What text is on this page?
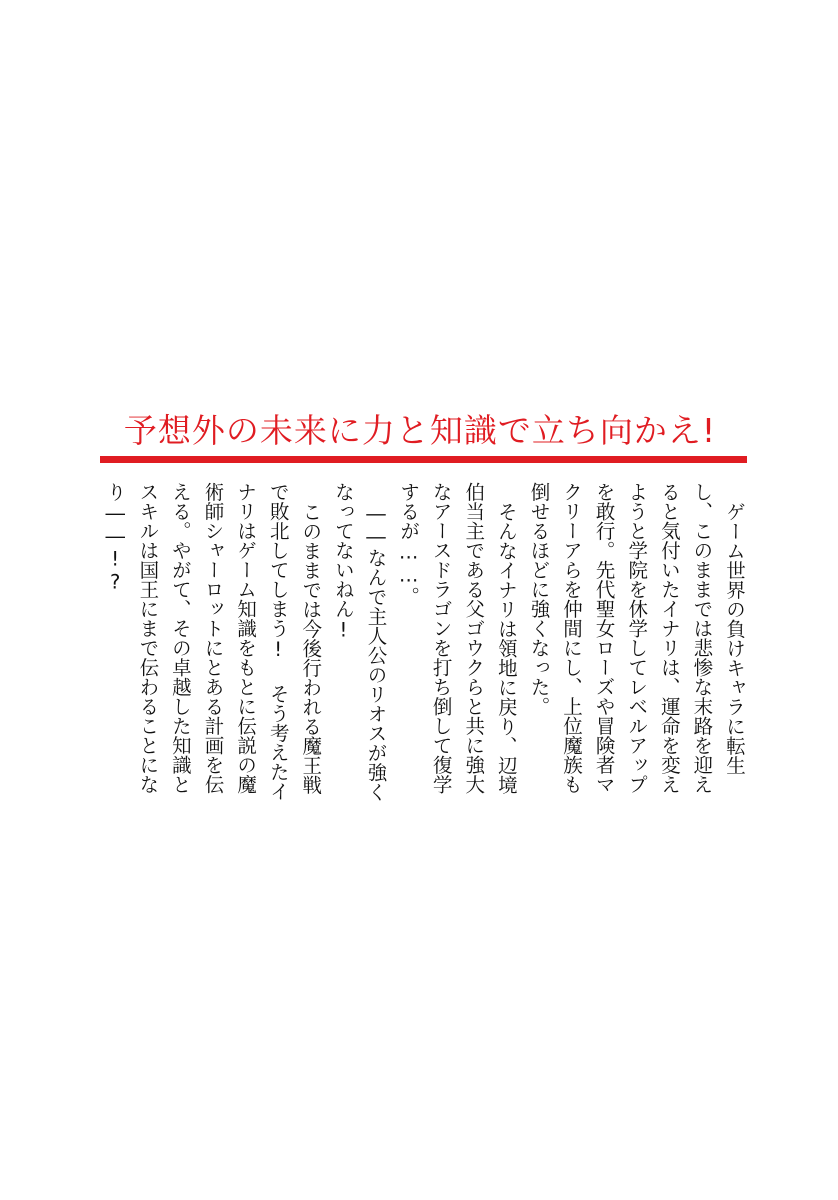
予想外の未来に力と知識で立ち向かえ!

ゲーム世界の負けキャラに転生し、このままでは悲惨な末路を迎えると気付いたイナリは、運命を変えようと学院を休学してレベルアップを敢行。先代聖女ローズや冒険者マクリーアらを仲間にし、上位魔族も倒せるほどに強くなった。

そんなイナリは領地に戻り、辺境伯当主である父ゴウクらと共に強大なアースドラゴンを打ち倒して復学するが……。

――なんで主人公のリオスが強くなってないねん!

このままでは今後行われる魔王戦で敗北してしまう! そう考えたイナリはゲーム知識をもとに伝説の魔術師シャーロットにとある計画を伝える。やがて、その卓越した知識とスキルは国王にまで伝わることになり――!?
